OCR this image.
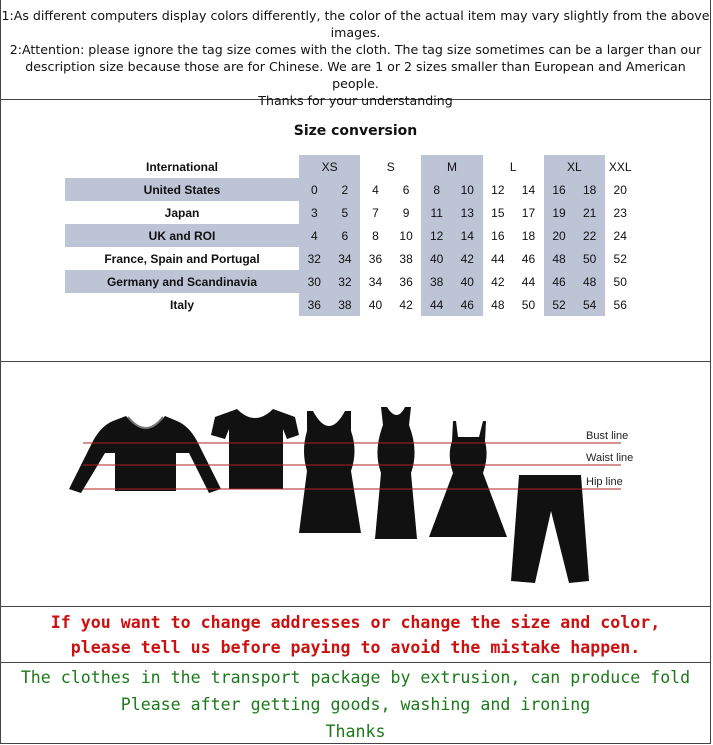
1:As different computers display colors differently, the color of the actual item may vary slightly from the above images.

2:Attention: please ignore the tag size comes with the cloth. The tag size sometimes can be a larger than our description size because those are for Chinese. We are 1 or 2 sizes smaller than European and American people.

Thanks for your understanding

Size conversion
International	XS		S		M		L		XL		XXL
United States	0	2	4	6	8	10	12	14	16	18	20
Japan	3	5	7	9	11	13	15	17	19	21	23
UK and ROI	4	6	8	10	12	14	16	18	20	22	24
France, Spain and Portugal	32	34	36	38	40	42	44	46	48	50	52
Germany and Scandinavia	30	32	34	36	38	40	42	44	46	48	50
Italy	36	38	40	42	44	46	48	50	52	54	56
Bust line
Waist line
Hip line

If you want to change addresses or change the size and color,

please tell us before paying to avoid the mistake happen.

The clothes in the transport package by extrusion, can produce fold

Please after getting goods, washing and ironing

Thanks
